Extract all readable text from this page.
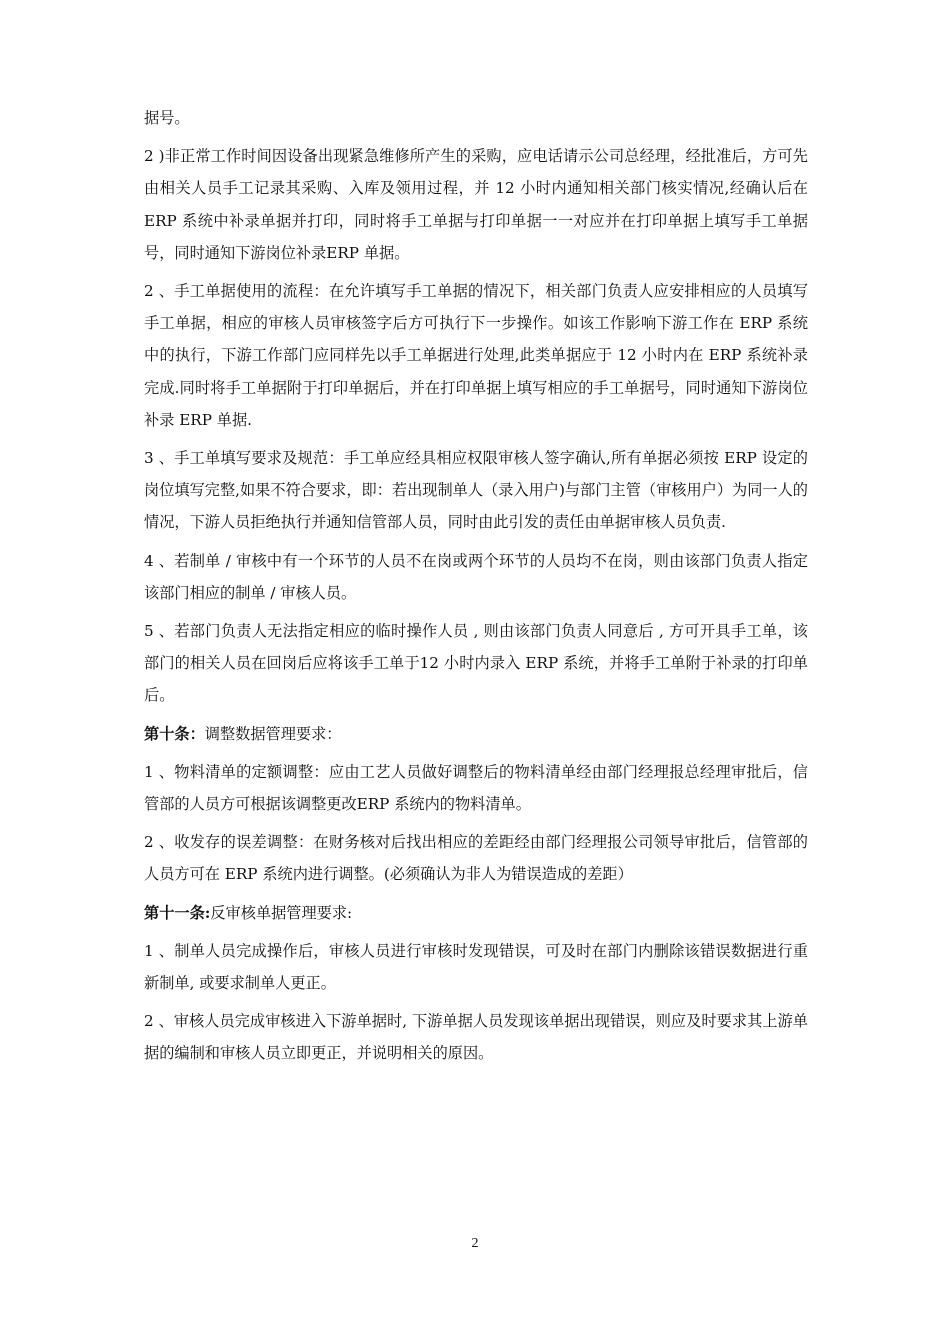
据号。

2 )非正常工作时间因设备出现紧急维修所产生的采购，应电话请示公司总经理，经批准后，方可先由相关人员手工记录其采购、入库及领用过程，并 12 小时内通知相关部门核实情况,经确认后在 ERP 系统中补录单据并打印，同时将手工单据与打印单据一一对应并在打印单据上填写手工单据号，同时通知下游岗位补录ERP 单据。

2 、手工单据使用的流程：在允许填写手工单据的情况下，相关部门负责人应安排相应的人员填写手工单据，相应的审核人员审核签字后方可执行下一步操作。如该工作影响下游工作在 ERP 系统中的执行，下游工作部门应同样先以手工单据进行处理,此类单据应于 12 小时内在 ERP 系统补录完成.同时将手工单据附于打印单据后，并在打印单据上填写相应的手工单据号，同时通知下游岗位补录 ERP 单据.

3 、手工单填写要求及规范：手工单应经具相应权限审核人签字确认,所有单据必须按 ERP 设定的岗位填写完整,如果不符合要求，即：若出现制单人（录入用户)与部门主管（审核用户）为同一人的情况，下游人员拒绝执行并通知信管部人员，同时由此引发的责任由单据审核人员负责.

4 、若制单 / 审核中有一个环节的人员不在岗或两个环节的人员均不在岗，则由该部门负责人指定该部门相应的制单 / 审核人员。

5 、若部门负责人无法指定相应的临时操作人员 , 则由该部门负责人同意后 , 方可开具手工单，该部门的相关人员在回岗后应将该手工单于12 小时内录入 ERP 系统，并将手工单附于补录的打印单后。

第十条：调整数据管理要求：

1 、物料清单的定额调整：应由工艺人员做好调整后的物料清单经由部门经理报总经理审批后，信管部的人员方可根据该调整更改ERP 系统内的物料清单。

2 、收发存的误差调整：在财务核对后找出相应的差距经由部门经理报公司领导审批后，信管部的人员方可在 ERP 系统内进行调整。(必须确认为非人为错误造成的差距）

第十一条:反审核单据管理要求:

1 、制单人员完成操作后，审核人员进行审核时发现错误，可及时在部门内删除该错误数据进行重新制单, 或要求制单人更正。

2 、审核人员完成审核进入下游单据时, 下游单据人员发现该单据出现错误，则应及时要求其上游单据的编制和审核人员立即更正，并说明相关的原因。

2
